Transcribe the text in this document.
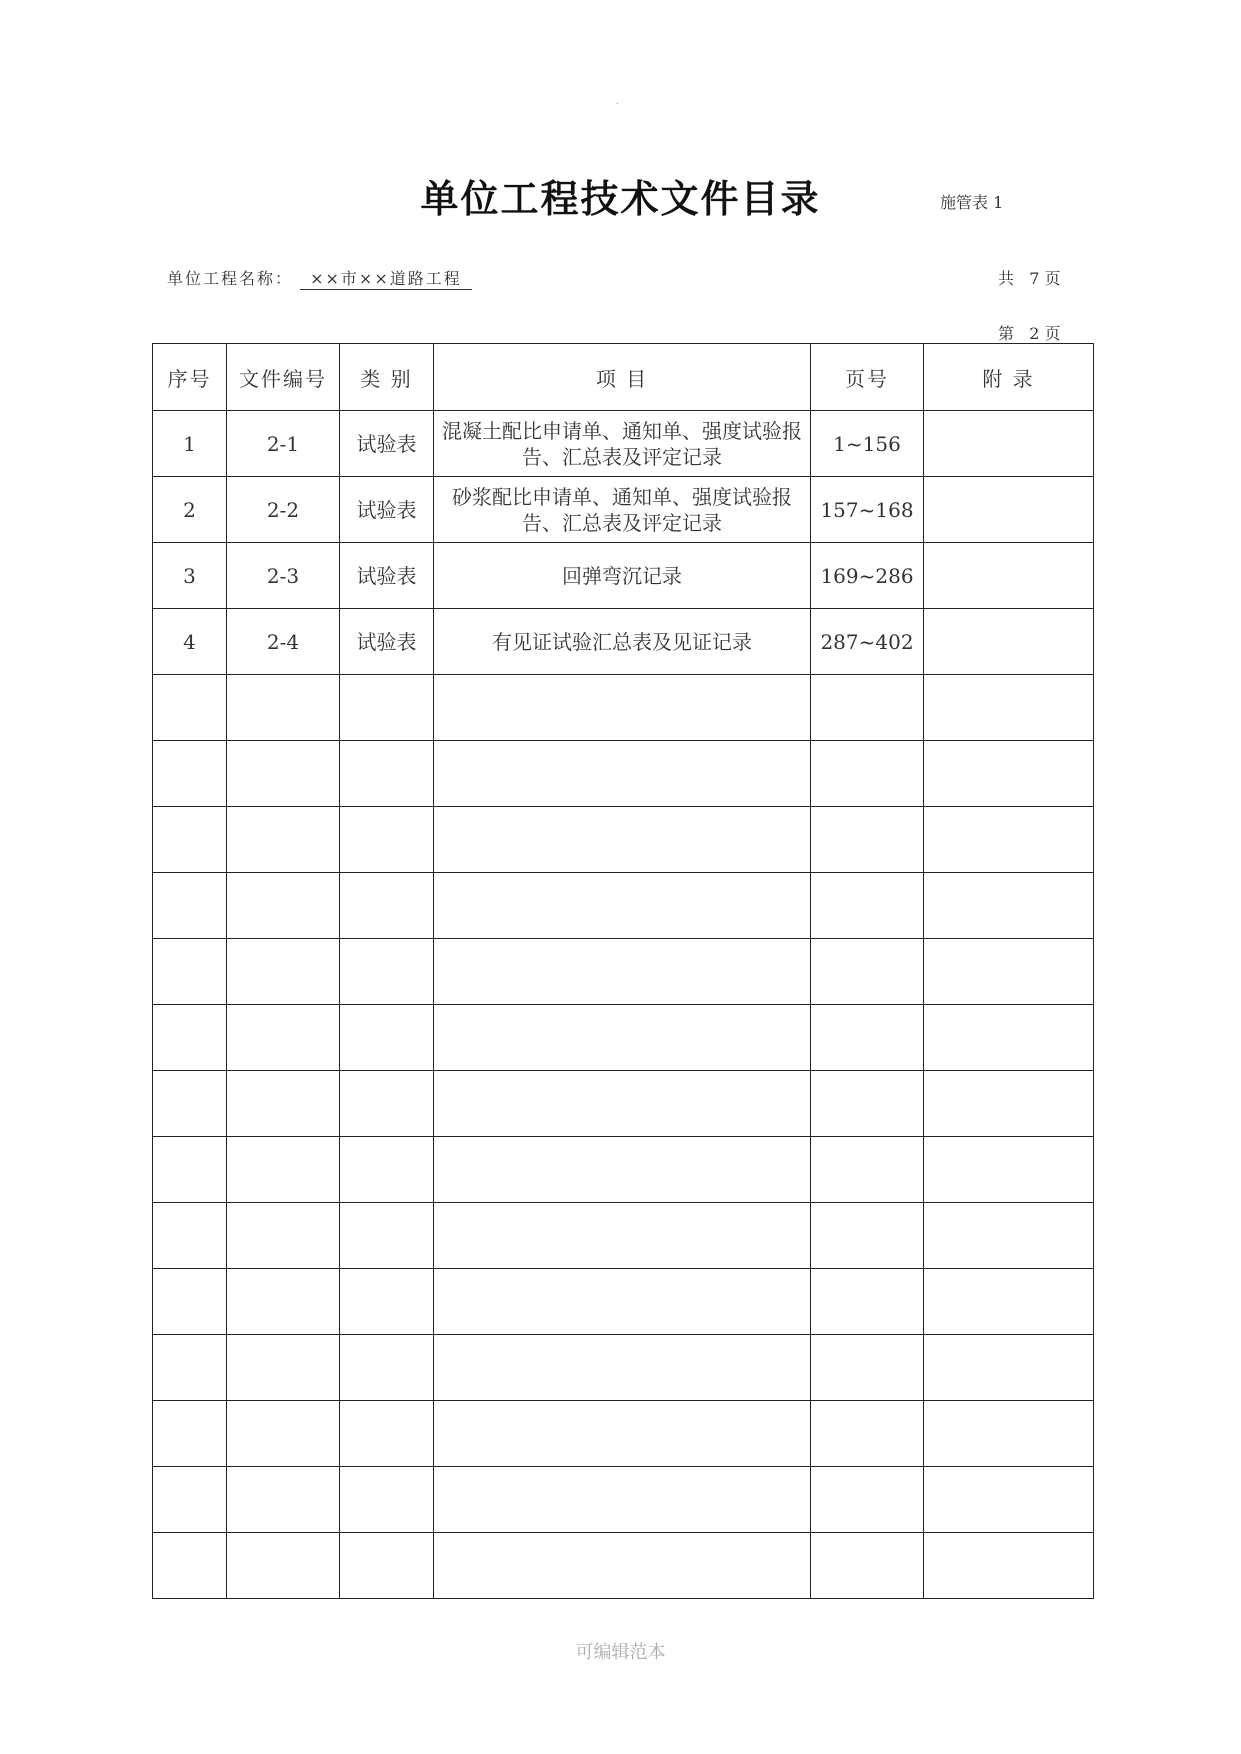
.
单位工程技术文件目录	施管表 1
单位工程名称： ××市××道路工程	共   7 页
第   2 页
序号	文件编号	类 别	项 目	页号	附 录
1	2-1	试验表	混凝土配比申请单、通知单、强度试验报告、汇总表及评定记录	1~156	
2	2-2	试验表	砂浆配比申请单、通知单、强度试验报告、汇总表及评定记录	157~168	
3	2-3	试验表	回弹弯沉记录	169~286	
4	2-4	试验表	有见证试验汇总表及见证记录	287~402	

可编辑范本
